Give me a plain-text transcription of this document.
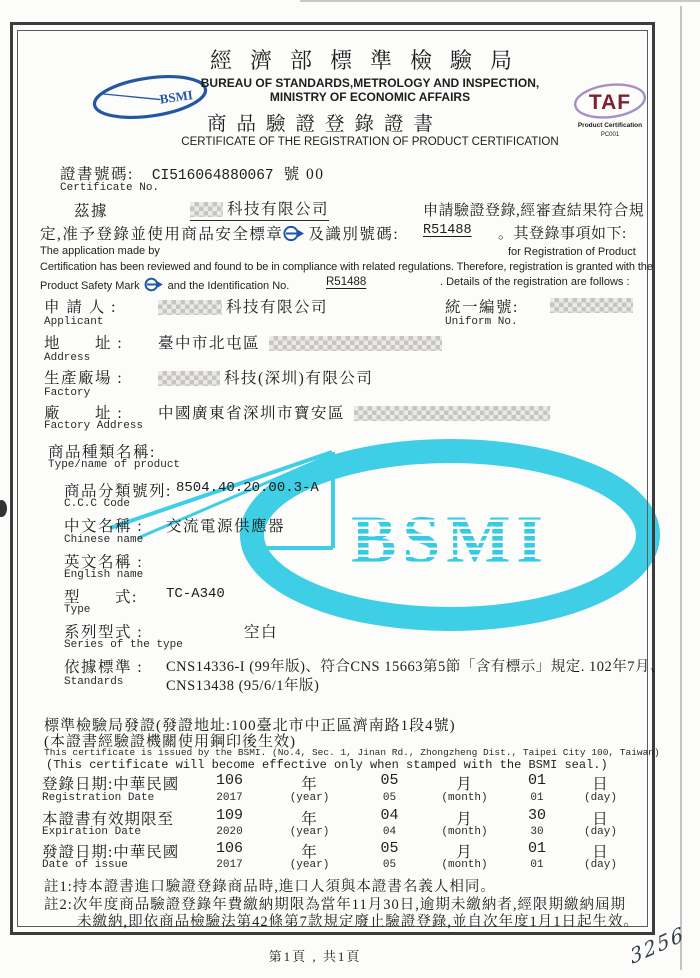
BSMI
經濟部標準檢驗局
BUREAU OF STANDARDS,METROLOGY AND INSPECTION,
MINISTRY OF ECONOMIC AFFAIRS
商品驗證登錄證書
CERTIFICATE OF THE REGISTRATION OF PRODUCT CERTIFICATION
TAF
Product Certification
PC001
證書號碼: CI516064880067 號 00
Certificate No.
茲據	科技有限公司	申請驗證登錄,經審查結果符合規
定,准予登錄並使用商品安全標章 及識別號碼: R51488 。其登錄事項如下:
The application made by	for Registration of Product
Certification has been reviewed and found to be in compliance with related regulations. Therefore, registration is granted with the
Product Safety Mark	and the Identification No.	R51488	. Details of the registration are follows :
申 請 人 :	科技有限公司	統一編號:
Applicant	Uniform No.
地　　址 : 臺中市北屯區
Address
生產廠場 :	科技(深圳)有限公司
Factory
廠　　址 : 中國廣東省深圳市寶安區
Factory Address
BSMI
商品種類名稱:
Type/name of product
商品分類號列: 8504.40.20.00.3-A
C.C.C Code
中文名稱 : 交流電源供應器
Chinese name
英文名稱 :
English name
型　　式: TC-A340
Type
系列型式 :	空白
Series of the type
依據標準 : CNS14336-I (99年版)、符合CNS 15663第5節「含有標示」規定. 102年7月、
Standards	CNS13438 (95/6/1年版)
標準檢驗局發證(發證地址:100臺北市中正區濟南路1段4號)
(本證書經驗證機關使用鋼印後生效)
This certificate is issued by the BSMI. (No.4, Sec. 1, Jinan Rd., Zhongzheng Dist., Taipei City 100, Taiwan)
(This certificate will become effective only when stamped with the BSMI seal.)
登錄日期:中華民國	106	年	05	月	01	日
Registration Date	2017	(year)	05	(month)	01	(day)
本證書有效期限至	109	年	04	月	30	日
Expiration Date	2020	(year)	04	(month)	30	(day)
發證日期:中華民國	106	年	05	月	01	日
Date of issue	2017	(year)	05	(month)	01	(day)
註1:持本證書進口驗證登錄商品時,進口人須與本證書名義人相同。
註2:次年度商品驗證登錄年費繳納期限為當年11月30日,逾期未繳納者,經限期繳納屆期
未繳納,即依商品檢驗法第42條第7款規定廢止驗證登錄,並自次年度1月1日起生效。
第1頁 , 共1頁	3256
